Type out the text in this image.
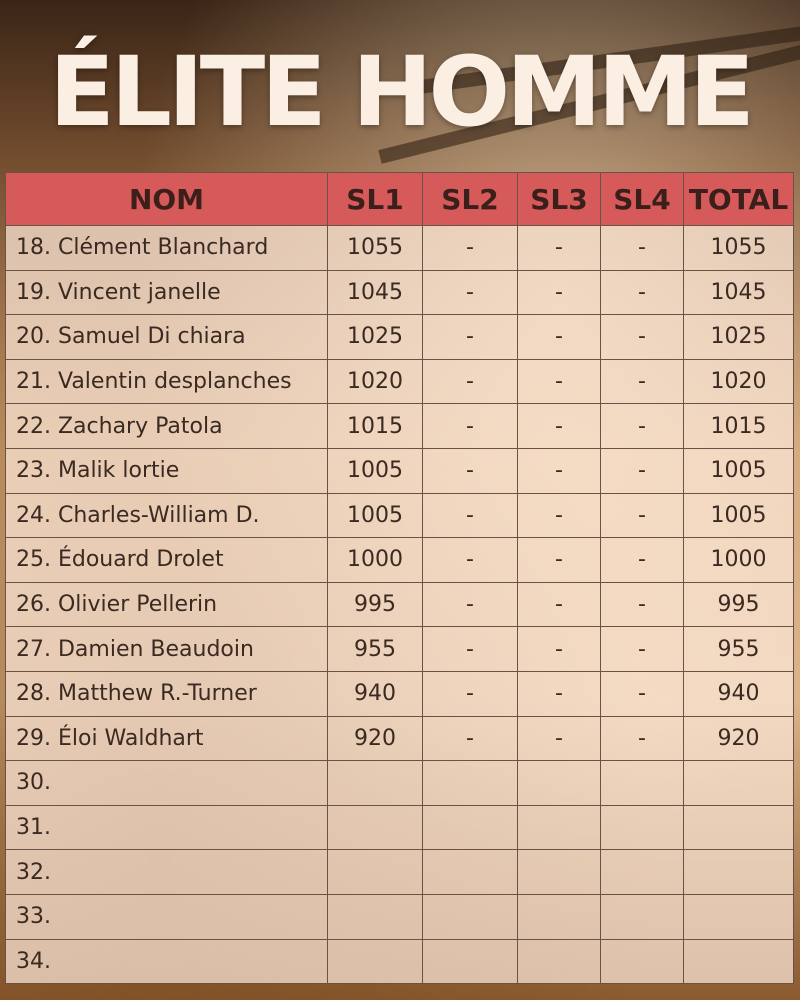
ÉLITE HOMME
NOM	SL1	SL2	SL3	SL4	TOTAL
18. Clément Blanchard	1055	-	-	-	1055
19. Vincent janelle	1045	-	-	-	1045
20. Samuel Di chiara	1025	-	-	-	1025
21. Valentin desplanches	1020	-	-	-	1020
22. Zachary Patola	1015	-	-	-	1015
23. Malik lortie	1005	-	-	-	1005
24. Charles-William D.	1005	-	-	-	1005
25. Édouard Drolet	1000	-	-	-	1000
26. Olivier Pellerin	995	-	-	-	995
27. Damien Beaudoin	955	-	-	-	955
28. Matthew R.-Turner	940	-	-	-	940
29. Éloi Waldhart	920	-	-	-	920
30.					
31.					
32.					
33.					
34.					
